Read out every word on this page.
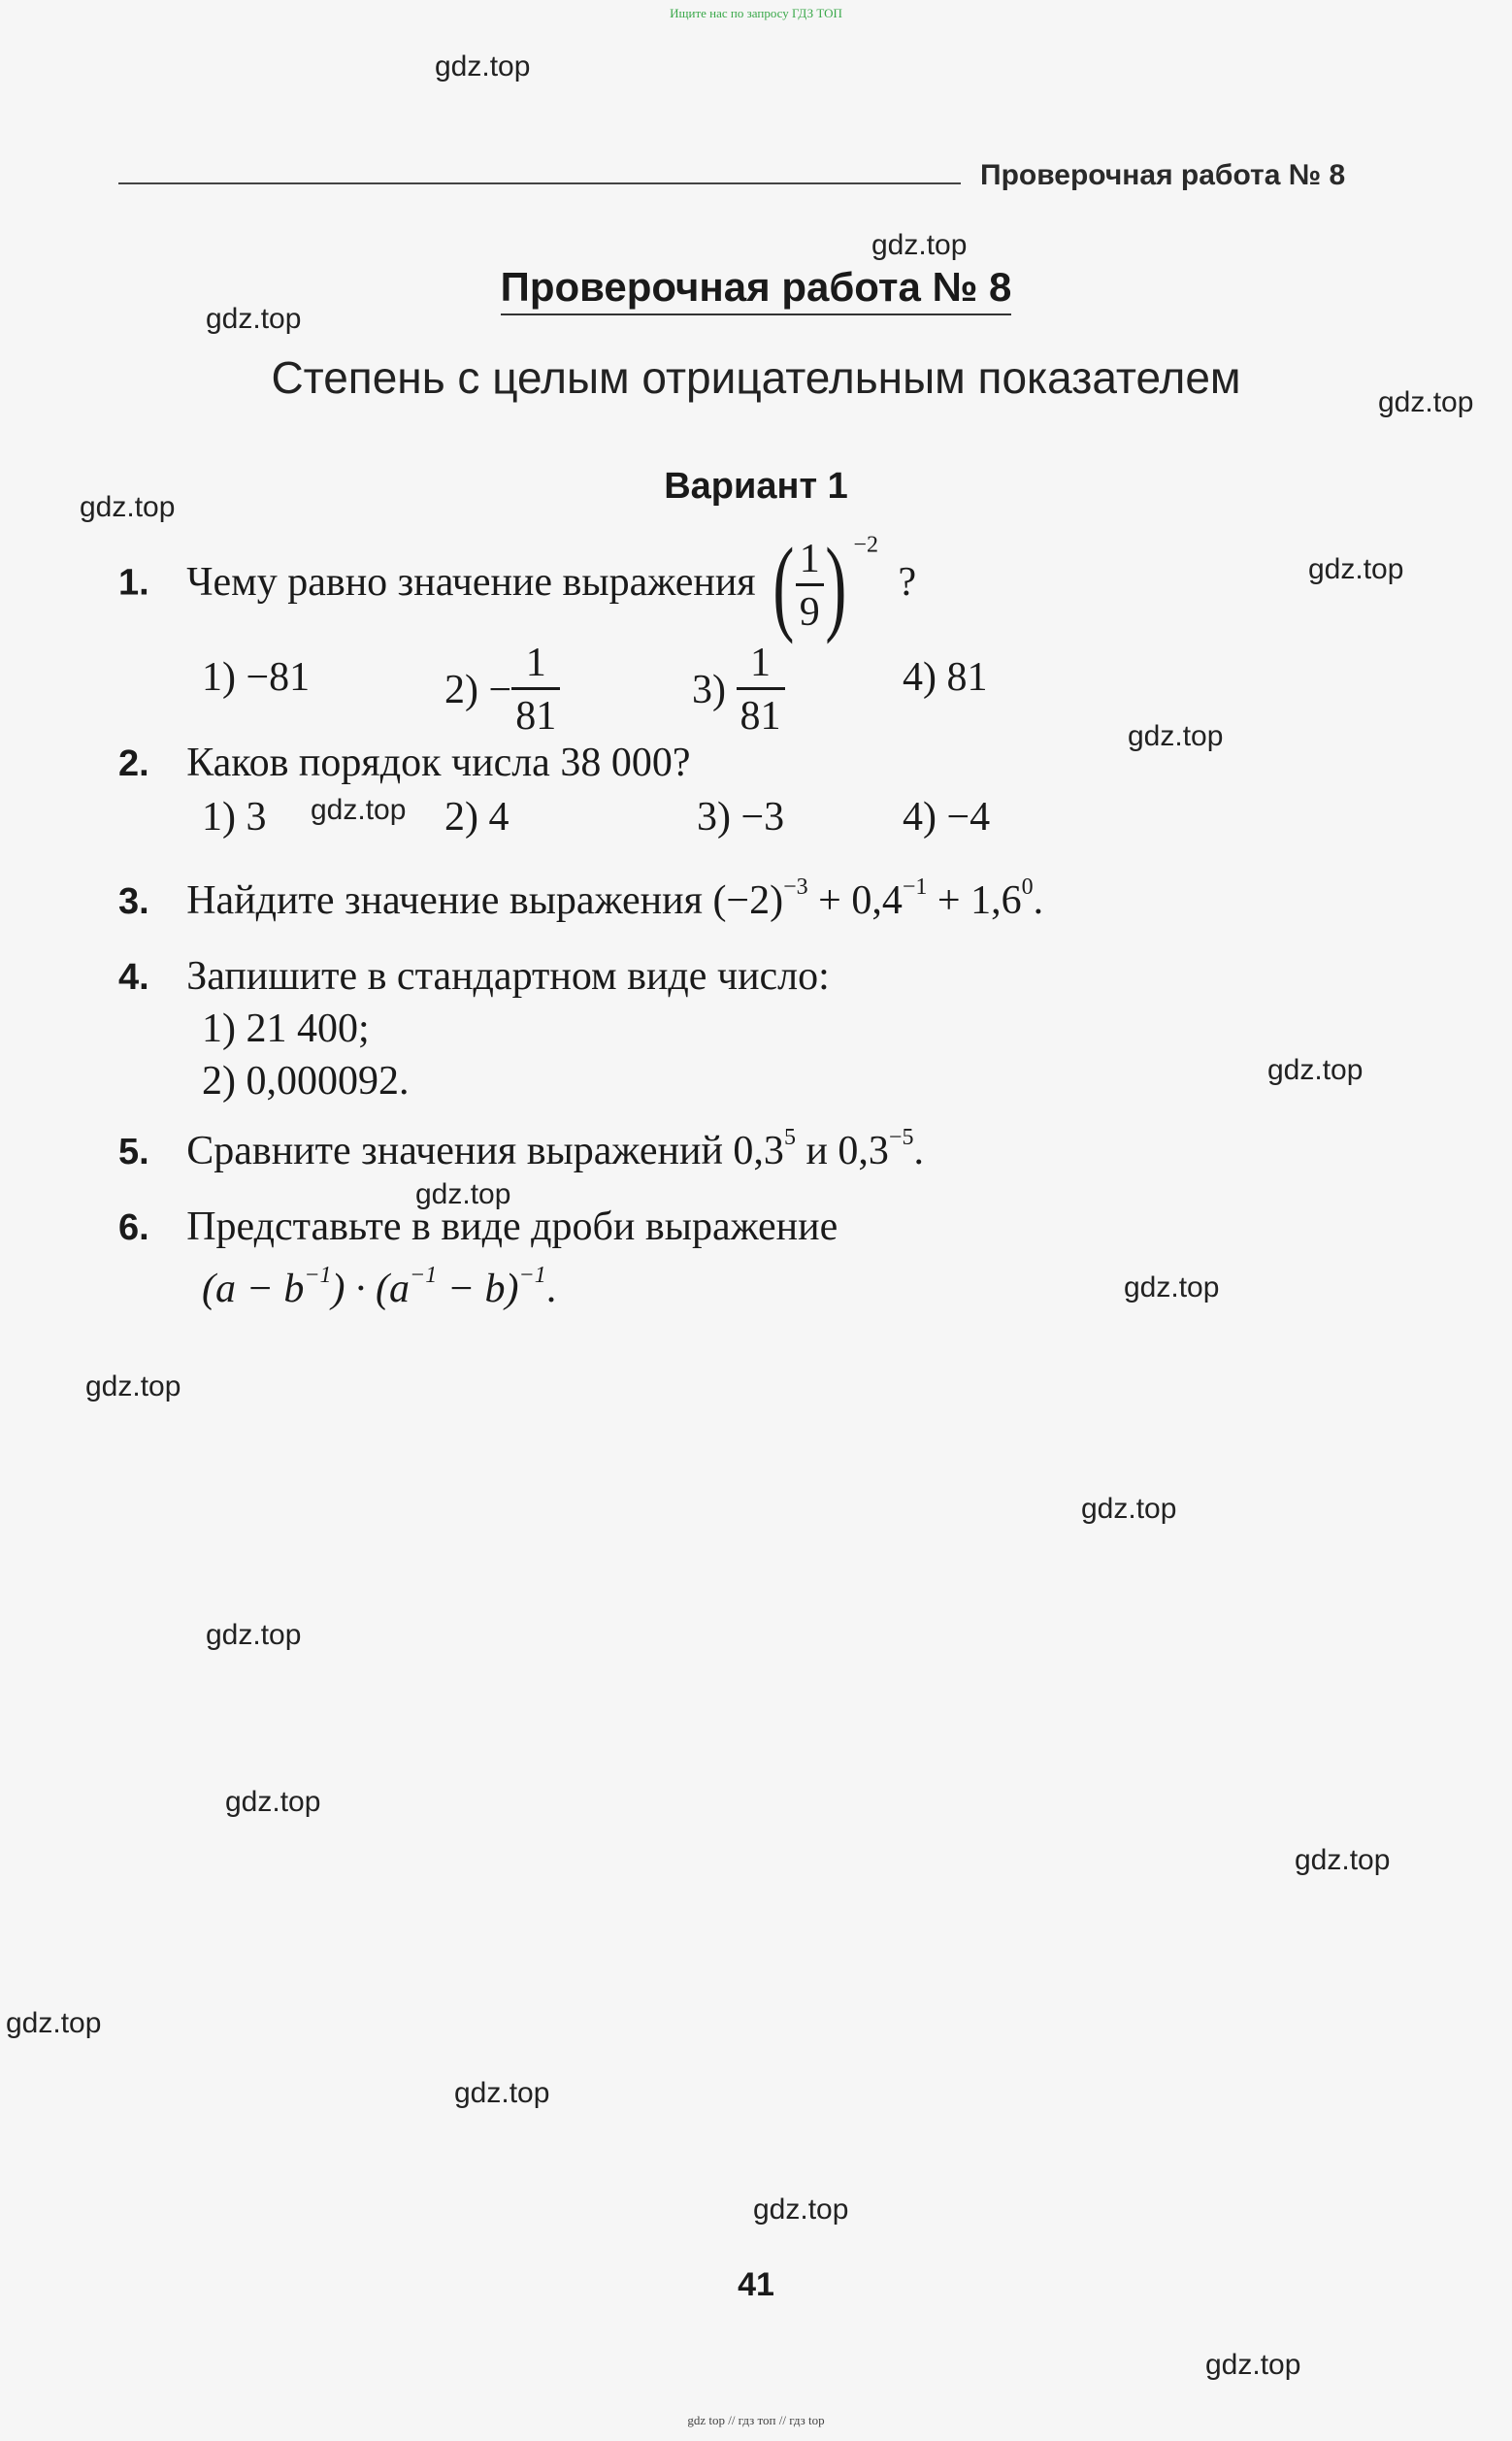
Ищите нас по запросу ГДЗ ТОП
Проверочная работа № 8
Проверочная работа № 8
Степень с целым отрицательным показателем
Вариант 1
1. Чему равно значение выражения ( $\frac{1}{9}$ ) $^{-2}$ ?
1) −81	$2) - \frac{1}{81}$	$3) \frac{1}{81}$	4) 81
2. Каков порядок числа 38 000?
1) 3	2) 4	3) −3	4) −4
3. Найдите значение выражения $(-2)^{-3} + 0,4^{-1} + 1,6^0$.
4. Запишите в стандартном виде число:
1) 21 400;
2) 0,000092.
5. Сравните значения выражений $0,3^5$ и $0,3^{-5}$.
6. Представьте в виде дроби выражение
$(a - b^{-1}) \cdot (a^{-1} - b)^{-1}$.
gdz.top
gdz.top
gdz.top
gdz.top
gdz.top
gdz.top
gdz.top
gdz.top
gdz.top
gdz.top
gdz.top
gdz.top
gdz.top
gdz.top
gdz.top
gdz.top
gdz.top
gdz.top
gdz.top
gdz.top
41
gdz top // гдз топ // гдз top
